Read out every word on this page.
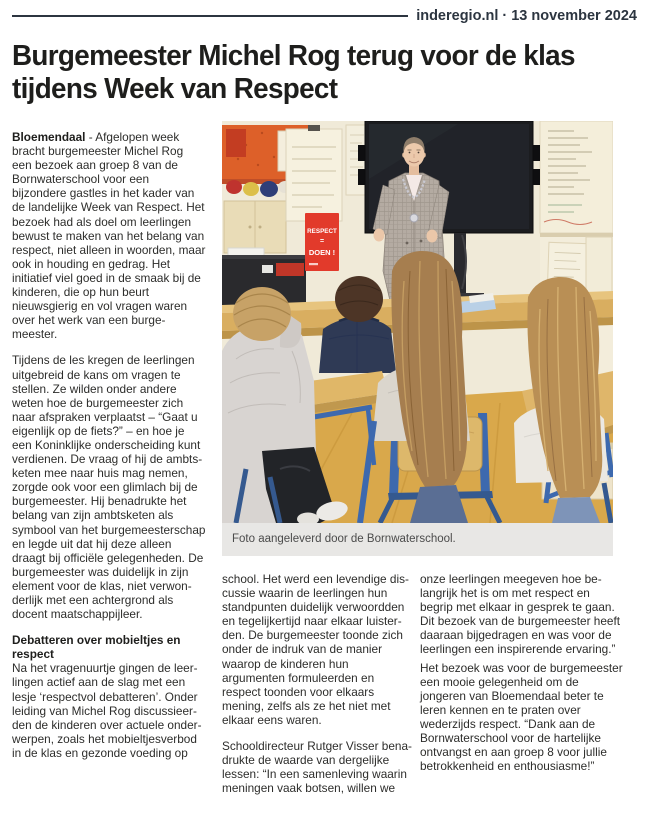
inderegio.nl · 13 november 2024
Burgemeester Michel Rog terug voor de klas tijdens Week van Respect

Bloemendaal - Afgelopen week bracht burgemeester Michel Rog een bezoek aan groep 8 van de Bornwaterschool voor een bijzondere gastles in het kader van de landelijke Week van Respect. Het bezoek had als doel om leerlingen bewust te maken van het belang van respect, niet alleen in woorden, maar ook in houding en gedrag. Het initiatief viel goed in de smaak bij de kinderen, die op hun beurt nieuwsgierig en vol vragen waren over het werk van een burgemeester.

Tijdens de les kregen de leerlingen uitgebreid de kans om vragen te stellen. Ze wilden onder andere weten hoe de burgemeester zich naar afspraken verplaatst – “Gaat u eigenlijk op de fiets?” – en hoe je een Koninklijke onderscheiding kunt verdienen. De vraag of hij de ambtsketen mee naar huis mag nemen, zorgde ook voor een glimlach bij de burgemeester. Hij benadrukte het belang van zijn ambtsketen als symbool van het burgemeesterschap en legde uit dat hij deze alleen draagt bij officiële gelegenheden. De burgemeester was duidelijk in zijn element voor de klas, niet verwonderlijk met een achtergrond als docent maatschappijleer.

Debatteren over mobieltjes en respect

Na het vragenuurtje gingen de leerlingen actief aan de slag met een lesje ‘respectvol debatteren’. Onder leiding van Michel Rog discussieerden de kinderen over actuele onderwerpen, zoals het mobieltjesverbod in de klas en gezonde voeding op

RESPECT
=
DOEN !
Foto aangeleverd door de Bornwaterschool.

school. Het werd een levendige discussie waarin de leerlingen hun standpunten duidelijk verwoordden en tegelijkertijd naar elkaar luisterden. De burgemeester toonde zich onder de indruk van de manier waarop de kinderen hun argumenten formuleerden en respect toonden voor elkaars mening, zelfs als ze het niet met elkaar eens waren.

Schooldirecteur Rutger Visser benadrukte de waarde van dergelijke lessen: “In een samenleving waarin meningen vaak botsen, willen we

onze leerlingen meegeven hoe belangrijk het is om met respect en begrip met elkaar in gesprek te gaan. Dit bezoek van de burgemeester heeft daaraan bijgedragen en was voor de leerlingen een inspirerende ervaring.”

Het bezoek was voor de burgemeester een mooie gelegenheid om de jongeren van Bloemendaal beter te leren kennen en te praten over wederzijds respect. “Dank aan de Bornwaterschool voor de hartelijke ontvangst en aan groep 8 voor jullie betrokkenheid en enthousiasme!”
